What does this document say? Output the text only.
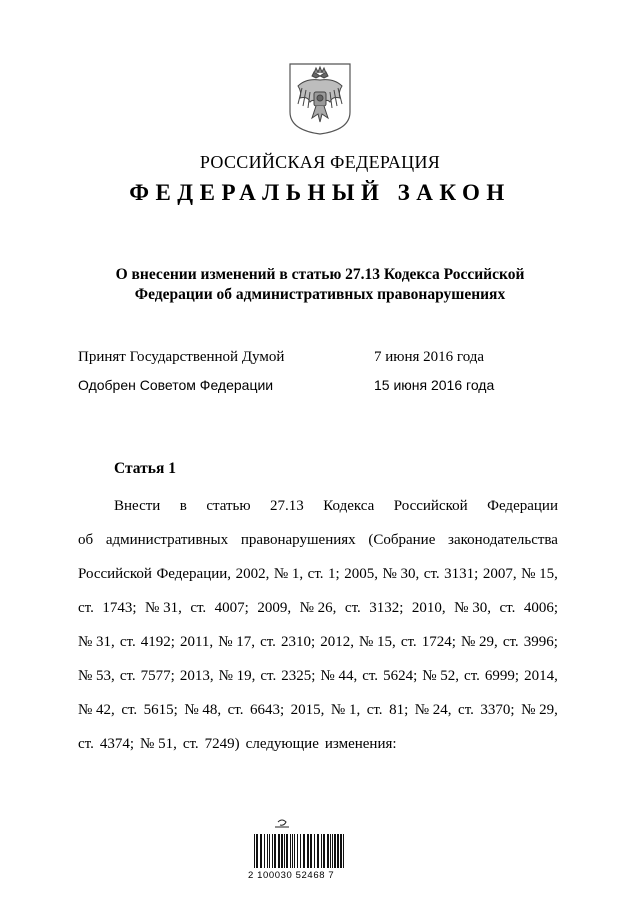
РОССИЙСКАЯ ФЕДЕРАЦИЯ
ФЕДЕРАЛЬНЫЙ ЗАКОН
О внесении изменений в статью 27.13 Кодекса Российской
Федерации об административных правонарушениях
Принят Государственной Думой	7 июня 2016 года
Одобрен Советом Федерации	15 июня 2016 года
Статья 1
Внести в статью 27.13 Кодекса Российской Федерации
об административных правонарушениях (Собрание законодательства
Российской Федерации, 2002, № 1, ст. 1; 2005, № 30, ст. 3131; 2007, № 15,
ст. 1743; № 31, ст. 4007; 2009, № 26, ст. 3132; 2010, № 30, ст. 4006;
№ 31, ст. 4192; 2011, № 17, ст. 2310; 2012, № 15, ст. 1724; № 29, ст. 3996;
№ 53, ст. 7577; 2013, № 19, ст. 2325; № 44, ст. 5624; № 52, ст. 6999; 2014,
№ 42, ст. 5615; № 48, ст. 6643; 2015, № 1, ст. 81; № 24, ст. 3370; № 29,
ст. 4374; № 51, ст. 7249) следующие изменения:
2 100030 52468 7
